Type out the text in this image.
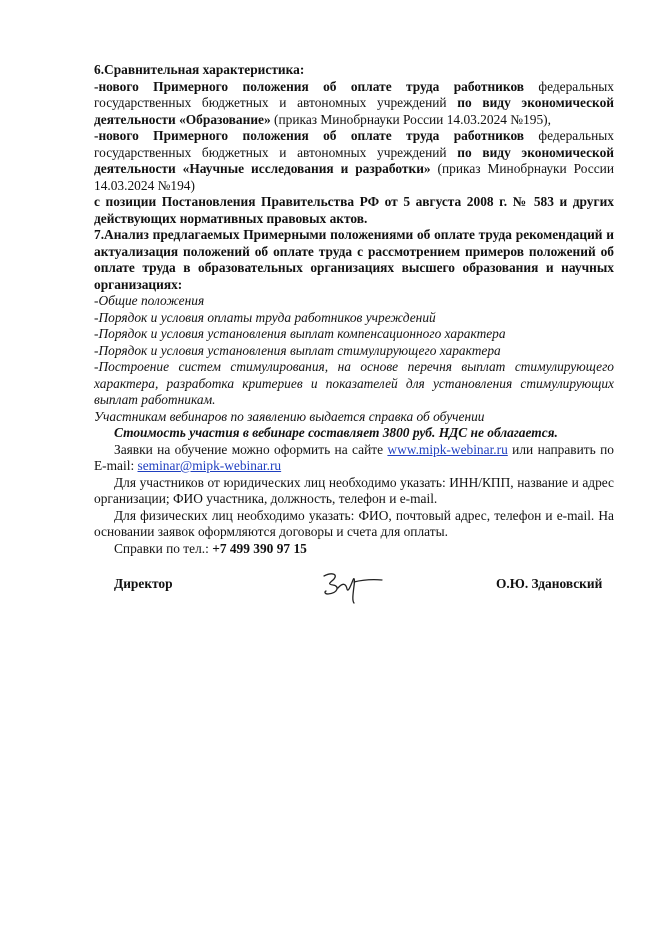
6.Сравнительная характеристика:

-нового Примерного положения об оплате труда работников федеральных государственных бюджетных и автономных учреждений по виду экономической деятельности «Образование» (приказ Минобрнауки России 14.03.2024 №195),

-нового Примерного положения об оплате труда работников федеральных государственных бюджетных и автономных учреждений по виду экономической деятельности «Научные исследования и разработки» (приказ Минобрнауки России 14.03.2024 №194)

с позиции Постановления Правительства РФ от 5 августа 2008 г. № 583 и других действующих нормативных правовых актов.

7.Анализ предлагаемых Примерными положениями об оплате труда рекомендаций и актуализация положений об оплате труда с рассмотрением примеров положений об оплате труда в образовательных организациях высшего образования и научных организациях:

-Общие положения

-Порядок и условия оплаты труда работников учреждений

-Порядок и условия установления выплат компенсационного характера

-Порядок и условия установления выплат стимулирующего характера

-Построение систем стимулирования, на основе перечня выплат стимулирующего характера, разработка критериев и показателей для установления стимулирующих выплат работникам.

Участникам вебинаров по заявлению выдается справка об обучении

Стоимость участия в вебинаре составляет 3800 руб. НДС не облагается.

Заявки на обучение можно оформить на сайте www.mipk-webinar.ru или направить по E-mail: seminar@mipk-webinar.ru

Для участников от юридических лиц необходимо указать: ИНН/КПП, название и адрес организации; ФИО участника, должность, телефон и e-mail.

Для физических лиц необходимо указать: ФИО, почтовый адрес, телефон и e-mail. На основании заявок оформляются договоры и счета для оплаты.

Справки по тел.: +7 499 390 97 15

Директор	О.Ю. Здановский
